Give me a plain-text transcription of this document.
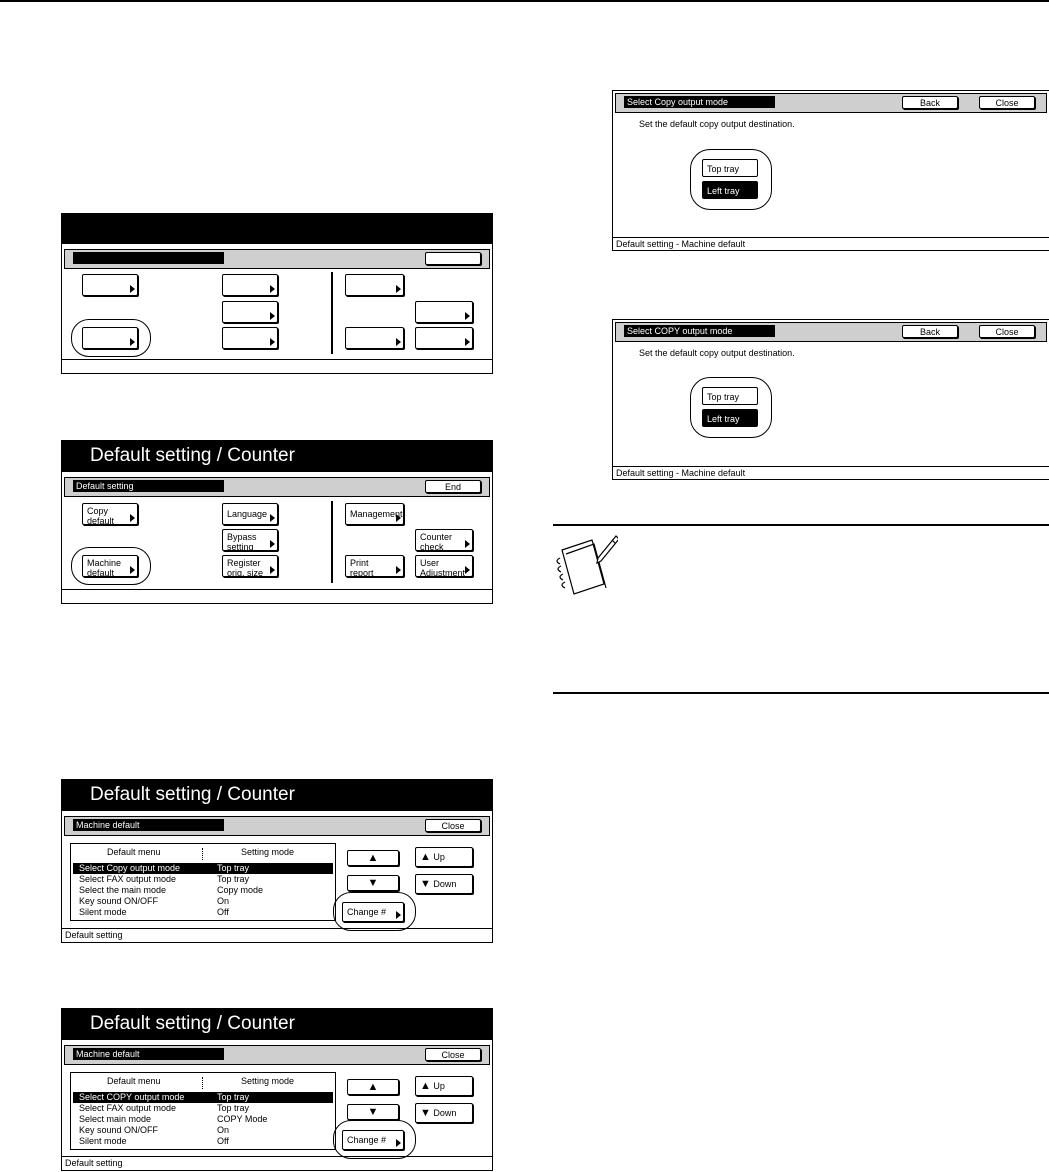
Default setting / Counter
Default setting	End
Copy
default
Machine
default
Language
Bypass
setting
Register
orig. size
Management
Counter
check
Print
report
User
Adjustment
Default setting / Counter
Machine default	Close
Default menu	Setting mode
Select Copy output mode	Top tray
Select FAX output mode	Top tray
Select the main mode	Copy mode
Key sound ON/OFF	On
Silent mode	Off
▲
▼
▲ Up
▼ Down
Change #
Default setting
Default setting / Counter
Machine default	Close
Default menu	Setting mode
Select COPY output mode	Top tray
Select FAX output mode	Top tray
Select main mode	COPY Mode
Key sound ON/OFF	On
Silent mode	Off
▲
▼
▲ Up
▼ Down
Change #
Default setting
Select Copy output mode	Back	Close
Set the default copy output destination.
Top tray
Left tray
Default setting - Machine default
Select COPY output mode	Back	Close
Set the default copy output destination.
Top tray
Left tray
Default setting - Machine default
